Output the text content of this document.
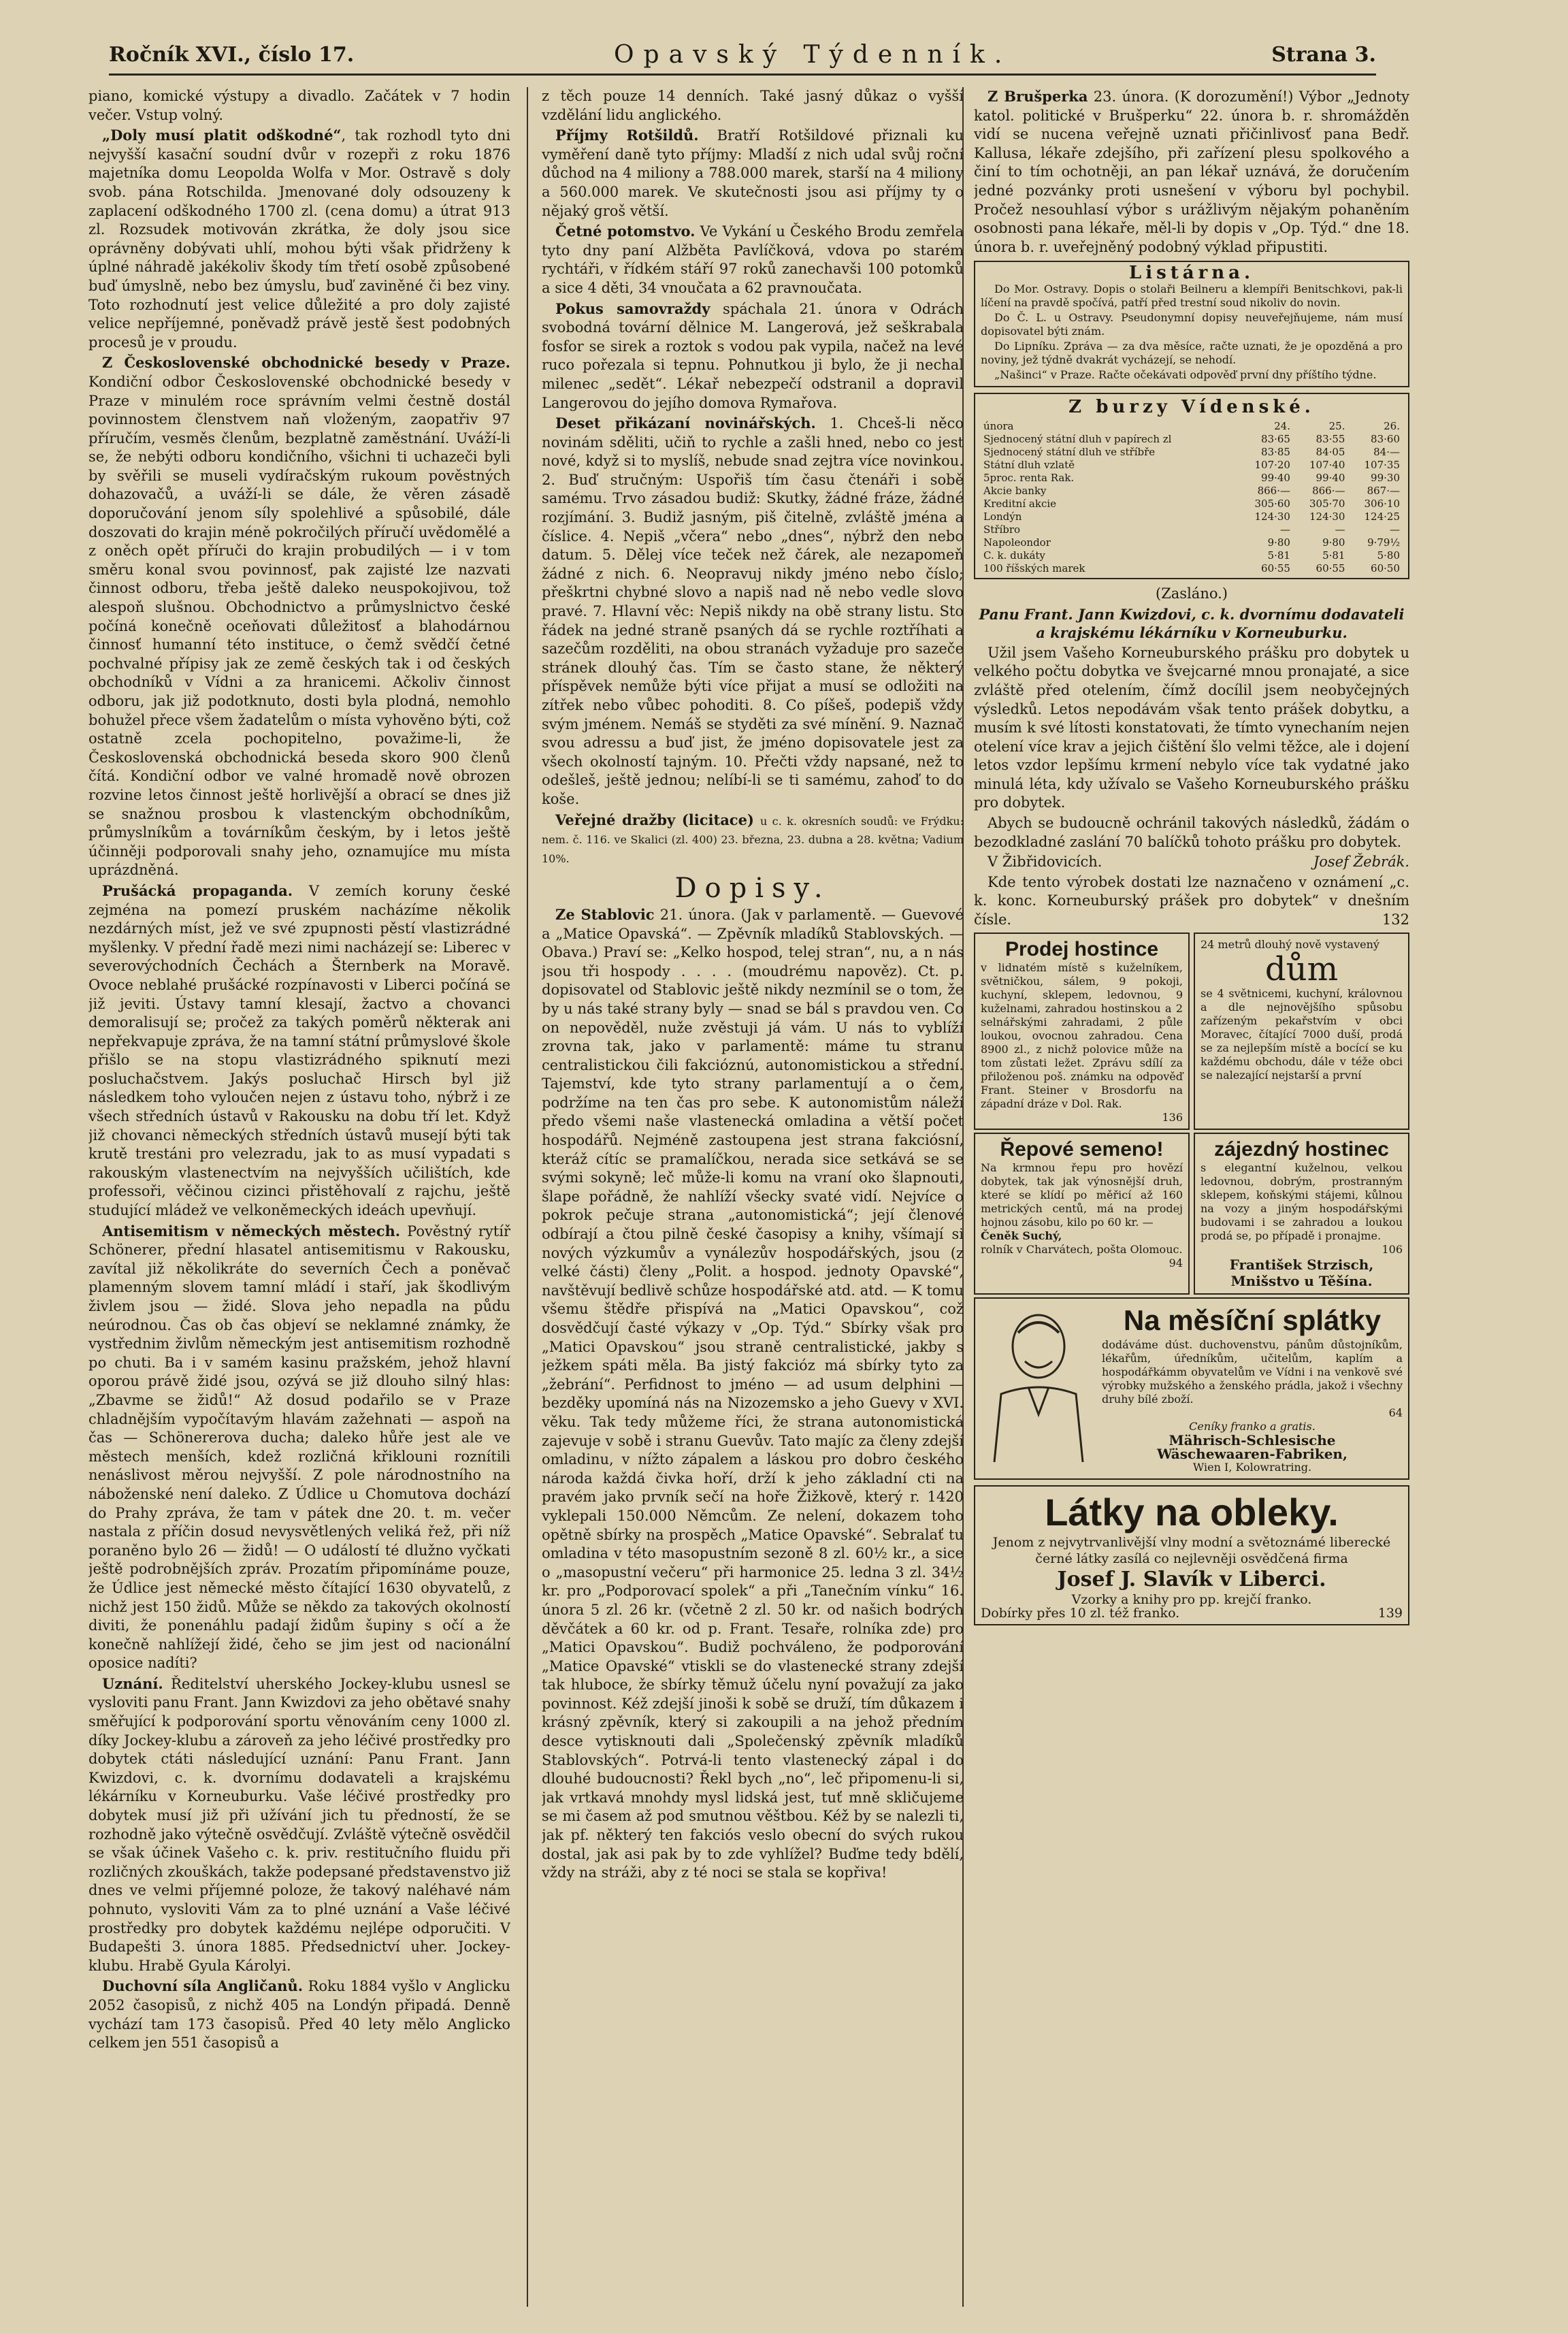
Ročník XVI., číslo 17.	Opavský Týdenník.	Strana 3.

piano, komické výstupy a divadlo. Začátek v 7 hodin večer. Vstup volný.

„Doly musí platit odškodné“, tak rozhodl tyto dni nejvyšší kasační soudní dvůr v rozepři z roku 1876 majetníka domu Leopolda Wolfa v Mor. Ostravě s doly svob. pána Rotschilda. Jmenované doly odsouzeny k zaplacení odškodného 1700 zl. (cena domu) a útrat 913 zl. Rozsudek motivován zkrátka, že doly jsou sice oprávněny dobývati uhlí, mohou býti však přidrženy k úplné náhradě jakékoliv škody tím třetí osobě způsobené buď úmyslně, nebo bez úmyslu, buď zaviněné či bez viny. Toto rozhodnutí jest velice důležité a pro doly zajisté velice nepříjemné, poněvadž právě jestě šest podobných procesů je v proudu.

Z Československé obchodnické besedy v Praze. Kondiční odbor Československé obchodnické besedy v Praze v minulém roce správním velmi čestně dostál povinnostem členstvem naň vloženým, zaopatřiv 97 příručím, vesměs členům, bezplatně zaměstnání. Uváží-li se, že nebýti odboru kondičního, všichni ti uchazeči byli by svěřili se museli vydíračským rukoum pověstných dohazovačů, a uváží-li se dále, že věren zásadě doporučování jenom síly spolehlivé a spůsobilé, dále doszovati do krajin méně pokročilých příručí uvědomělé a z oněch opět příruči do krajin probudilých — i v tom směru konal svou povinnosť, pak zajisté lze nazvati činnost odboru, třeba ještě daleko neuspokojivou, tož alespoň slušnou. Obchodnictvo a průmyslnictvo české počíná konečně oceňovati důležitosť a blahodárnou činnosť humanní této instituce, o čemž svědčí četné pochvalné přípisy jak ze země českých tak i od českých obchodníků v Vídni a za hranicemi. Ačkoliv činnost odboru, jak již podotknuto, dosti byla plodná, nemohlo bohužel přece všem žadatelům o místa vyhověno býti, což ostatně zcela pochopitelno, považime-li, že Československá obchodnická beseda skoro 900 členů čítá. Kondiční odbor ve valné hromadě nově obrozen rozvine letos činnost ještě horlivější a obrací se dnes již se snažnou prosbou k vlastenckým obchodníkům, průmyslníkům a továrníkům českým, by i letos ještě účinněji podporovali snahy jeho, oznamujíce mu místa uprázdněná.

Prušácká propaganda. V zemích koruny české zejména na pomezí pruském nacházíme několik nezdárných míst, jež ve své zpupnosti pěstí vlastizrádné myšlenky. V přední řadě mezi nimi nacházejí se: Liberec v severovýchodních Čechách a Šternberk na Moravě. Ovoce neblahé prušácké rozpínavosti v Liberci počíná se již jeviti. Ústavy tamní klesají, žactvo a chovanci demoralisují se; pročež za takých poměrů některak ani nepřekvapuje zpráva, že na tamní státní průmyslové škole přišlo se na stopu vlastizrádného spiknutí mezi posluchačstvem. Jakýs posluchač Hirsch byl již následkem toho vyloučen nejen z ústavu toho, nýbrž i ze všech středních ústavů v Rakousku na dobu tří let. Když již chovanci německých středních ústavů musejí býti tak krutě trestáni pro velezradu, jak to as musí vypadati s rakouským vlastenectvím na nejvyšších učilištích, kde professoři, věčinou cizinci přistěhovalí z rajchu, ještě studující mládež ve velkoněmeckých ideách upevňují.

Antisemitism v německých městech. Pověstný rytíř Schönerer, přední hlasatel antisemitismu v Rakousku, zavítal již několikráte do severních Čech a poněvač plamenným slovem tamní mládí i staří, jak škodlivým živlem jsou — židé. Slova jeho nepadla na půdu neúrodnou. Čas ob čas objeví se neklamné známky, že vystřednim živlům německým jest antisemitism rozhodně po chuti. Ba i v samém kasinu pražském, jehož hlavní oporou právě židé jsou, ozývá se již dlouho silný hlas: „Zbavme se židů!“ Až dosud podařilo se v Praze chladnějším vypočítavým hlavám zažehnati — aspoň na čas — Schönererova ducha; daleko hůře jest ale ve městech menších, kdež rozličná křiklouni roznítili nenáslivost měrou nejvyšší. Z pole národnostního na náboženské není daleko. Z Údlice u Chomutova dochází do Prahy zpráva, že tam v pátek dne 20. t. m. večer nastala z příčin dosud nevysvětlených veliká řež, při níž poraněno bylo 26 — židů! — O událostí té dlužno vyčkati ještě podrobnějších zpráv. Prozatím připomínáme pouze, že Údlice jest německé město čítající 1630 obyvatelů, z nichž jest 150 židů. Může se někdo za takových okolností diviti, že ponenáhlu padají židům šupiny s očí a že konečně nahlížejí židé, čeho se jim jest od nacionální oposice nadíti?

Uznání. Ředitelství uherského Jockey-klubu usnesl se vysloviti panu Frant. Jann Kwizdovi za jeho obětavé snahy směřující k podporování sportu věnováním ceny 1000 zl. díky Jockey-klubu a zároveň za jeho léčivé prostředky pro dobytek ctáti následující uznání: Panu Frant. Jann Kwizdovi, c. k. dvornímu dodavateli a krajskému lékárníku v Korneuburku. Vaše léčivé prostředky pro dobytek musí již při užívání jich tu předností, že se rozhodně jako výtečně osvědčují. Zvláště výtečně osvědčil se však účinek Vašeho c. k. priv. restitučního fluidu při rozličných zkouškách, takže podepsané představenstvo již dnes ve velmi příjemné poloze, že takový naléhavé nám pohnuto, vysloviti Vám za to plné uznání a Vaše léčivé prostředky pro dobytek každému nejlépe odporučiti. V Budapešti 3. února 1885. Předsednictví uher. Jockey-klubu. Hrabě Gyula Károlyi.

Duchovní síla Angličanů. Roku 1884 vyšlo v Anglicku 2052 časopisů, z nichž 405 na Londýn připadá. Denně vychází tam 173 časopisů. Před 40 lety mělo Anglicko celkem jen 551 časopisů a

z těch pouze 14 denních. Také jasný důkaz o vyšší vzdělání lidu anglického.

Příjmy Rotšildů. Bratří Rotšildové přiznali ku vyměření daně tyto příjmy: Mladší z nich udal svůj roční důchod na 4 miliony a 788.000 marek, starší na 4 miliony a 560.000 marek. Ve skutečnosti jsou asi příjmy ty o nějaký groš větší.

Četné potomstvo. Ve Vykání u Českého Brodu zemřela tyto dny paní Alžběta Pavlíčková, vdova po starém rychtáři, v řídkém stáří 97 roků zanechavši 100 potomků a sice 4 děti, 34 vnoučata a 62 pravnoučata.

Pokus samovraždy spáchala 21. února v Odrách svobodná tovární dělnice M. Langerová, jež seškrabala fosfor se sirek a roztok s vodou pak vypila, načež na levé ruco pořezala si tepnu. Pohnutkou ji bylo, že ji nechal milenec „sedět“. Lékař nebezpečí odstranil a dopravil Langerovou do jejího domova Rymařova.

Deset přikázaní novinářských. 1. Chceš-li něco novinám sděliti, učiň to rychle a zašli hned, nebo co jest nové, když si to myslíš, nebude snad zejtra více novinkou. 2. Buď stručným: Uspořiš tím času čtenáři i sobě samému. Trvo zásadou budiž: Skutky, žádné fráze, žádné rozjímání. 3. Budiž jasným, piš čitelně, zvláště jména a číslice. 4. Nepiš „včera“ nebo „dnes“, nýbrž den nebo datum. 5. Dělej více teček než čárek, ale nezapomeň žádné z nich. 6. Neopravuj nikdy jméno nebo číslo; přeškrtni chybné slovo a napiš nad ně nebo vedle slovo pravé. 7. Hlavní věc: Nepiš nikdy na obě strany listu. Sto řádek na jedné straně psaných dá se rychle roztříhati a sazečům rozděliti, na obou stranách vyžaduje pro sazeče stránek dlouhý čas. Tím se často stane, že některý příspěvek nemůže býti více přijat a musí se odložiti na zítřek nebo vůbec pohoditi. 8. Co píšeš, podepiš vždy svým jménem. Nemáš se styděti za své mínění. 9. Naznač svou adressu a buď jist, že jméno dopisovatele jest za všech okolností tajným. 10. Přečti vždy napsané, než to odešleš, ještě jednou; nelíbí-li se ti samému, zahoď to do koše.

Veřejné dražby (licitace) u c. k. okresních soudů: ve Frýdku: nem. č. 116. ve Skalici (zl. 400) 23. března, 23. dubna a 28. května; Vadium 10%.

Dopisy.

Ze Stablovic 21. února. (Jak v parlamentě. — Guevové a „Matice Opavská“. — Zpěvník mladíků Stablovských. — Obava.) Praví se: „Kelko hospod, telej stran“, nu, a n nás jsou tři hospody . . . . (moudrému napověz). Ct. p. dopisovatel od Stablovic ještě nikdy nezmínil se o tom, že by u nás také strany byly — snad se bál s pravdou ven. Co on nepověděl, nuže zvěstuji já vám. U nás to vyblíží zrovna tak, jako v parlamentě: máme tu stranu centralistickou čili fakcióznú, autonomistickou a střední. Tajemství, kde tyto strany parlamentují a o čem, podržíme na ten čas pro sebe. K autonomistům náleží předo všemi naše vlastenecká omladina a větší počet hospodářů. Nejméně zastoupena jest strana fakciósní, kteráž cítíc se pramalíčkou, nerada sice setkává se se svými sokyně; leč může-li komu na vraní oko šlapnouti, šlape pořádně, že nahlíží všecky svaté vidí. Nejvíce o pokrok pečuje strana „autonomistická“; její členové odbírají a čtou pilně české časopisy a knihy, všímají si nových výzkumův a vynálezův hospodářských, jsou (z velké části) členy „Polit. a hospod. jednoty Opavské“, navštěvují bedlivě schůze hospodářské atd. atd. — K tomu všemu štědře přispívá na „Matici Opavskou“, což dosvědčují časté výkazy v „Op. Týd.“ Sbírky však pro „Matici Opavskou“ jsou straně centralistické, jakby s ježkem spáti měla. Ba jistý fakcióz má sbírky tyto za „žebrání“. Perfidnost to jméno — ad usum delphini — bezděky upomíná nás na Nizozemsko a jeho Guevy v XVI. věku. Tak tedy můžeme říci, že strana autonomistická zajevuje v sobě i stranu Guevův. Tato majíc za členy zdejší omladinu, v nížto zápalem a láskou pro dobro českého národa každá čivka hoří, drží k jeho základní cti na pravém jako prvník sečí na hoře Žižkově, který r. 1420 vyklepali 150.000 Němcům. Ze nelení, dokazem toho opětně sbírky na prospěch „Matice Opavské“. Sebralať tu omladina v této masopustním sezoně 8 zl. 60½ kr., a sice o „masopustní večeru“ při harmonice 25. ledna 3 zl. 34½ kr. pro „Podporovací spolek“ a při „Tanečním vínku“ 16. února 5 zl. 26 kr. (včetně 2 zl. 50 kr. od našich bodrých děvčátek a 60 kr. od p. Frant. Tesaře, rolníka zde) pro „Matici Opavskou“. Budiž pochváleno, že podporování „Matice Opavské“ vtiskli se do vlastenecké strany zdejší tak hluboce, že sbírky těmuž účelu nyní považují za jako povinnost. Kéž zdejší jinoši k sobě se druží, tím důkazem i krásný zpěvník, který si zakoupili a na jehož předním desce vytisknouti dali „Společenský zpěvník mladíků Stablovských“. Potrvá-li tento vlastenecký zápal i do dlouhé budoucnosti? Řekl bych „no“, leč připomenu-li si, jak vrtkavá mnohdy mysl lidská jest, tuť mně skličujeme se mi časem až pod smutnou věštbou. Kéž by se nalezli ti, jak pf. některý ten fakciós veslo obecní do svých rukou dostal, jak asi pak by to zde vyhlížel? Buďme tedy bdělí, vždy na stráži, aby z té noci se stala se kopřiva!

Z Brušperka 23. února. (K dorozumění!) Výbor „Jednoty katol. politické v Brušperku“ 22. února b. r. shromážděn vidí se nucena veřejně uznati přičinlivosť pana Bedř. Kallusa, lékaře zdejšího, při zařízení plesu spolkového a činí to tím ochotněji, an pan lékař uznává, že doručením jedné pozvánky proti usnešení v výboru byl pochybil. Pročež nesouhlasí výbor s urážlivým nějakým pohaněním osobnosti pana lékaře, měl-li by dopis v „Op. Týd.“ dne 18. února b. r. uveřejněný podobný výklad připustiti.

Listárna.

Do Mor. Ostravy. Dopis o stolaři Beilneru a klempíři Benitschkovi, pak-li líčení na pravdě spočívá, patří před trestní soud nikoliv do novin.

Do Č. L. u Ostravy. Pseudonymní dopisy neuveřejňujeme, nám musí dopisovatel býti znám.

Do Lipníku. Zpráva — za dva měsíce, račte uznati, že je opozděná a pro noviny, jež týdně dvakrát vycházejí, se nehodí.

„Našinci“ v Praze. Račte očekávati odpověď první dny příštího týdne.

Z burzy Vídenské.
února	24.	25.	26.
Sjednocený státní dluh v papírech zl	83·65	83·55	83·60
Sjednocený státní dluh ve stříbře	83·85	84·05	84·—
Státní dluh vzlatě	107·20	107·40	107·35
5proc. renta Rak.	99·40	99·40	99·30
Akcie banky	866·—	866·—	867·—
Kreditní akcie	305·60	305·70	306·10
Londýn	124·30	124·30	124·25
Stříbro	—	—	—
Napoleondor	9·80	9·80	9·79½
C. k. dukáty	5·81	5·81	5·80
100 říšských marek	60·55	60·55	60·50

(Zasláno.)

Panu Frant. Jann Kwizdovi, c. k. dvornímu dodavateli a krajskému lékárníku v Korneuburku.

Užil jsem Vašeho Korneuburského prášku pro dobytek u velkého počtu dobytka ve švejcarné mnou pronajaté, a sice zvláště před otelením, čímž docílil jsem neobyčejných výsledků. Letos nepodávám však tento prášek dobytku, a musím k své lítosti konstatovati, že tímto vynechaním nejen otelení více krav a jejich čištění šlo velmi těžce, ale i dojení letos vzdor lepšímu krmení nebylo více tak vydatné jako minulá léta, kdy užívalo se Vašeho Korneuburského prášku pro dobytek.

Abych se budoucně ochránil takových následků, žádám o bezodkladné zaslání 70 balíčků tohoto prášku pro dobytek.

V Žibřidovicích.	Josef Žebrák.

Kde tento výrobek dostati lze naznačeno v oznámení „c. k. konc. Korneuburský prášek pro dobytek“ v dnešním čísle.	132

Prodej hostince
v lidnatém místě s kuželníkem, světničkou, sálem, 9 pokoji, kuchyní, sklepem, ledovnou, 9 kuželnami, zahradou hostinskou a 2 selnářskými zahradami, 2 půle loukou, ovocnou zahradou. Cena 8900 zl., z nichž polovice může na tom zůstati ležet. Zprávu sdílí za přiloženou poš. známku na odpověď Frant. Steiner v Brosdorfu na západní dráze v Dol. Rak.
136
24 metrů dlouhý nově vystavený
dům
se 4 světnicemi, kuchyní, královnou a dle nejnovějšího spůsobu zařízeným pekařstvím v obci Moravec, čítající 7000 duší, prodá se za nejlepším místě a bocící se ku každému obchodu, dále v téže obci se nalezající nejstarší a první
Řepové semeno!
Na krmnou řepu pro hovězí dobytek, tak jak výnosnější druh, které se klídí po měřicí až 160 metrických centů, má na prodej hojnou zásobu, kilo po 60 kr. —
Čeněk Suchý,
rolník v Charvátech, pošta Olomouc.
94
zájezdný hostinec
s elegantní kuželnou, velkou ledovnou, dobrým, prostranným sklepem, koňskými stájemi, kůlnou na vozy a jiným hospodářskými budovami i se zahradou a loukou prodá se, po případě i pronajme.
106
František Strzisch, Mnišstvo u Těšína.
Na měsíční splátky
dodáváme dúst. duchovenstvu, pánům důstojníkům, lékařům, úředníkům, učitelům, kaplím a hospodářkámm obyvatelům ve Vídni i na venkově své výrobky mužského a ženského prádla, jakož i všechny druhy bílé zboží.
64
Ceníky franko a gratis.
Mährisch-Schlesische
Wäschewaaren-Fabriken,
Wien I, Kolowratring.
Látky na obleky.
Jenom z nejvytrvanlivější vlny modní a světoznámé liberecké černé látky zasílá co nejlevněji osvědčená firma
Josef J. Slavík v Liberci.
Vzorky a knihy pro pp. krejčí franko.
Dobírky přes 10 zl. též franko.	139
